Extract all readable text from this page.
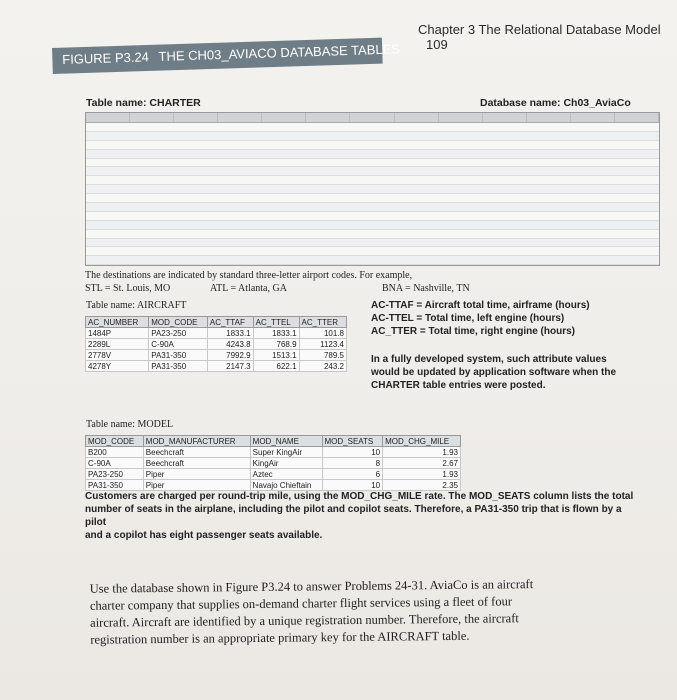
Chapter 3 The Relational Database Model 109
FIGURE P3.24 THE CH03_AVIACO DATABASE TABLES
Table name: CHARTER	Database name: Ch03_AviaCo
The destinations are indicated by standard three-letter airport codes. For example,
STL = St. Louis, MO	ATL = Atlanta, GA	BNA = Nashville, TN
Table name: AIRCRAFT
AC_NUMBER	MOD_CODE	AC_TTAF	AC_TTEL	AC_TTER
1484P	PA23-250	1833.1	1833.1	101.8
2289L	C-90A	4243.8	768.9	1123.4
2778V	PA31-350	7992.9	1513.1	789.5
4278Y	PA31-350	2147.3	622.1	243.2
AC-TTAF = Aircraft total time, airframe (hours)
AC-TTEL = Total time, left engine (hours)
AC_TTER = Total time, right engine (hours)
In a fully developed system, such attribute values
would be updated by application software when the
CHARTER table entries were posted.
Table name: MODEL
MOD_CODE	MOD_MANUFACTURER	MOD_NAME	MOD_SEATS	MOD_CHG_MILE
B200	Beechcraft	Super KingAir	10	1.93
C-90A	Beechcraft	KingAir	8	2.67
PA23-250	Piper	Aztec	6	1.93
PA31-350	Piper	Navajo Chieftain	10	2.35
Customers are charged per round-trip mile, using the MOD_CHG_MILE rate. The MOD_SEATS column lists the total
number of seats in the airplane, including the pilot and copilot seats. Therefore, a PA31-350 trip that is flown by a pilot
and a copilot has eight passenger seats available.
Use the database shown in Figure P3.24 to answer Problems 24-31. AviaCo is an aircraft
charter company that supplies on-demand charter flight services using a fleet of four
aircraft. Aircraft are identified by a unique registration number. Therefore, the aircraft
registration number is an appropriate primary key for the AIRCRAFT table.
